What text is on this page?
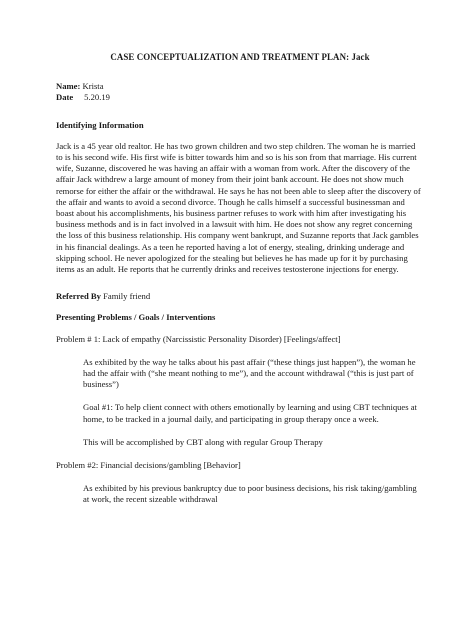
CASE CONCEPTUALIZATION AND TREATMENT PLAN: Jack

Name: Krista

Date 5.20.19

Identifying Information

Jack is a 45 year old realtor. He has two grown children and two step children. The woman he is married to is his second wife. His first wife is bitter towards him and so is his son from that marriage. His current wife, Suzanne, discovered he was having an affair with a woman from work. After the discovery of the affair Jack withdrew a large amount of money from their joint bank account. He does not show much remorse for either the affair or the withdrawal. He says he has not been able to sleep after the discovery of the affair and wants to avoid a second divorce. Though he calls himself a successful businessman and boast about his accomplishments, his business partner refuses to work with him after investigating his business methods and is in fact involved in a lawsuit with him. He does not show any regret concerning the loss of this business relationship. His company went bankrupt, and Suzanne reports that Jack gambles in his financial dealings. As a teen he reported having a lot of energy, stealing, drinking underage and skipping school. He never apologized for the stealing but believes he has made up for it by purchasing items as an adult. He reports that he currently drinks and receives testosterone injections for energy.

Referred By Family friend

Presenting Problems / Goals / Interventions

Problem # 1: Lack of empathy (Narcissistic Personality Disorder) [Feelings/affect]

As exhibited by the way he talks about his past affair (“these things just happen”), the woman he had the affair with (“she meant nothing to me”), and the account withdrawal (“this is just part of business”)

Goal #1: To help client connect with others emotionally by learning and using CBT techniques at home, to be tracked in a journal daily, and participating in group therapy once a week.

This will be accomplished by CBT along with regular Group Therapy

Problem #2: Financial decisions/gambling [Behavior]

As exhibited by his previous bankruptcy due to poor business decisions, his risk taking/gambling at work, the recent sizeable withdrawal
